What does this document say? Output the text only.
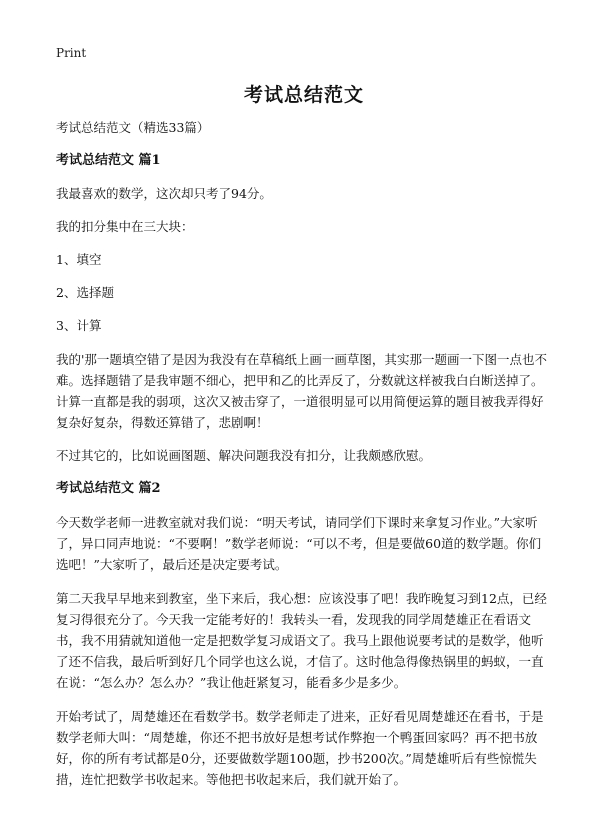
Print
考试总结范文

考试总结范文（精选33篇）

考试总结范文 篇1

我最喜欢的数学，这次却只考了94分。

我的扣分集中在三大块：

1、填空

2、选择题

3、计算

我的'那一题填空错了是因为我没有在草稿纸上画一画草图，其实那一题画一下图一点也不难。选择题错了是我审题不细心，把甲和乙的比弄反了，分数就这样被我白白断送掉了。计算一直都是我的弱项，这次又被击穿了，一道很明显可以用简便运算的题目被我弄得好复杂好复杂，得数还算错了，悲剧啊！

不过其它的，比如说画图题、解决问题我没有扣分，让我颇感欣慰。

考试总结范文 篇2

今天数学老师一进教室就对我们说：“明天考试，请同学们下课时来拿复习作业。”大家听了，异口同声地说：“不要啊！”数学老师说：“可以不考，但是要做60道的数学题。你们选吧！”大家听了，最后还是决定要考试。

第二天我早早地来到教室，坐下来后，我心想：应该没事了吧！我昨晚复习到12点，已经复习得很充分了。今天我一定能考好的！我转头一看，发现我的同学周楚雄正在看语文书，我不用猜就知道他一定是把数学复习成语文了。我马上跟他说要考试的是数学，他听了还不信我，最后听到好几个同学也这么说，才信了。这时他急得像热锅里的蚂蚁，一直在说：“怎么办？怎么办？”我让他赶紧复习，能看多少是多少。

开始考试了，周楚雄还在看数学书。数学老师走了进来，正好看见周楚雄还在看书，于是数学老师大叫：“周楚雄，你还不把书放好是想考试作弊抱一个鸭蛋回家吗？再不把书放好，你的所有考试都是0分，还要做数学题100题，抄书200次。”周楚雄听后有些惊慌失措，连忙把数学书收起来。等他把书收起来后，我们就开始了。
